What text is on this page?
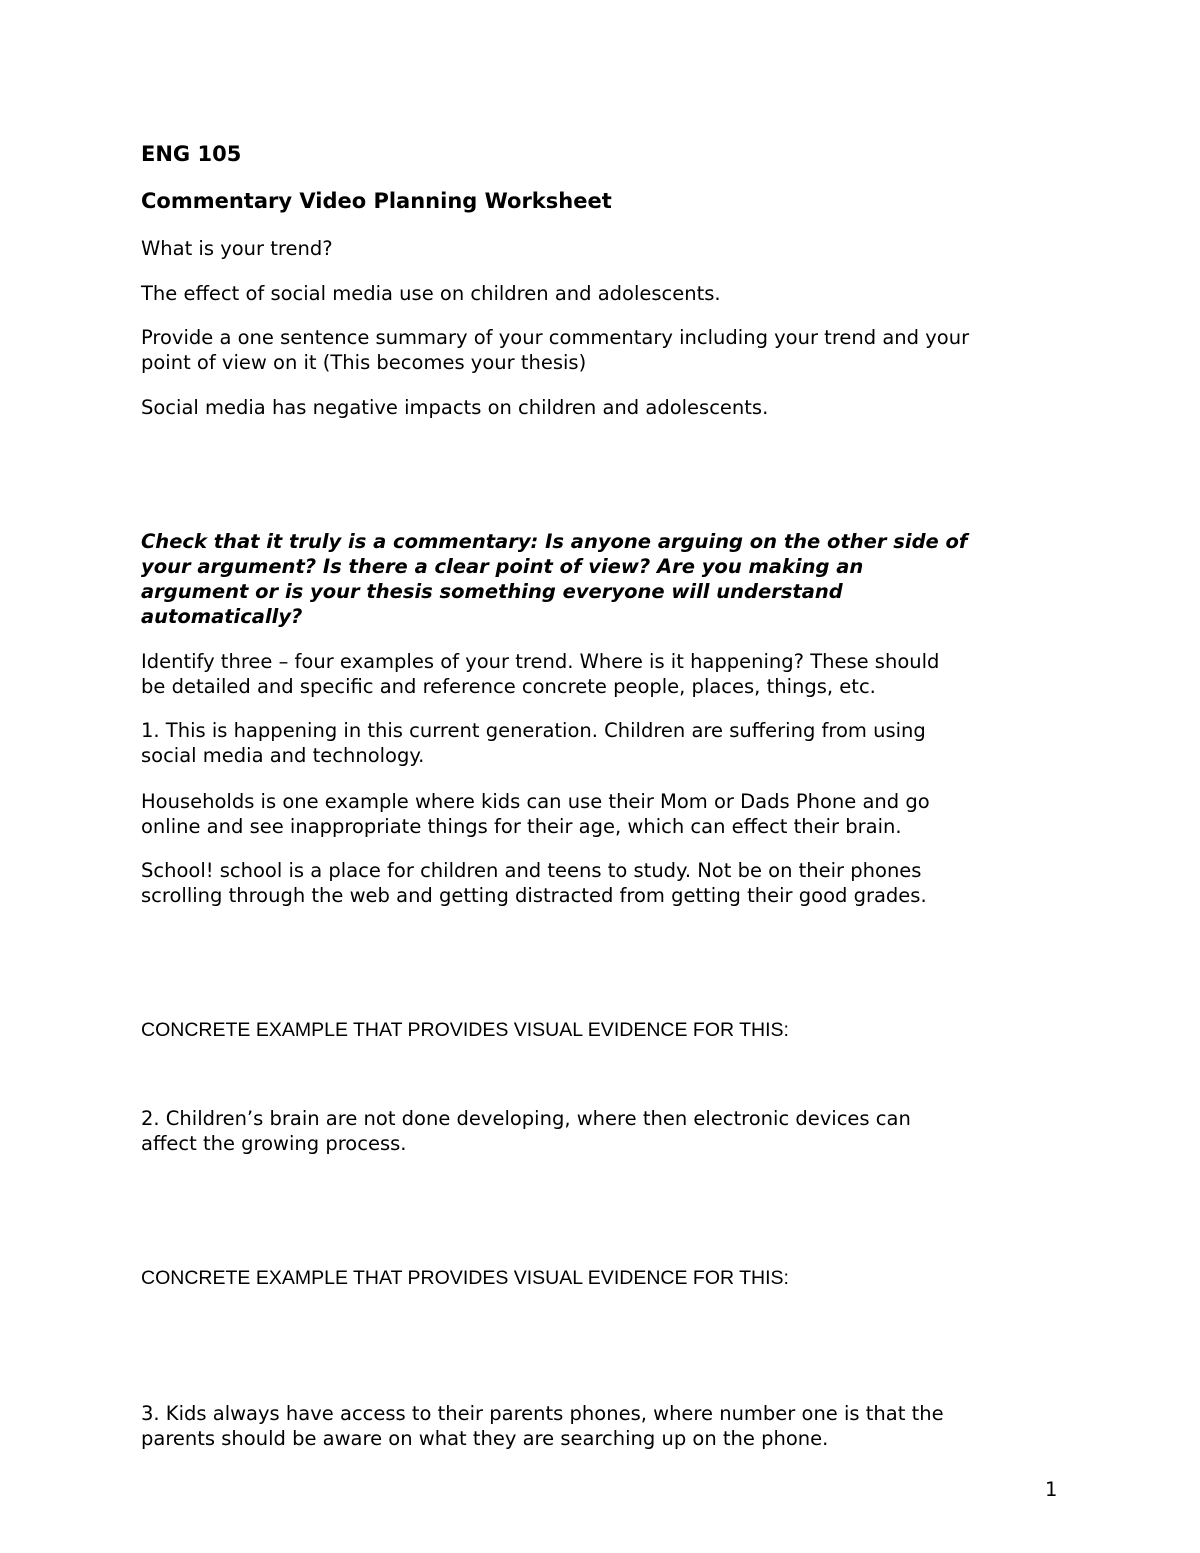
ENG 105
Commentary Video Planning Worksheet
What is your trend?
The effect of social media use on children and adolescents.
Provide a one sentence summary of your commentary including your trend and your
point of view on it (This becomes your thesis)
Social media has negative impacts on children and adolescents.
Check that it truly is a commentary: Is anyone arguing on the other side of
your argument? Is there a clear point of view? Are you making an
argument or is your thesis something everyone will understand
automatically?
Identify three – four examples of your trend. Where is it happening? These should
be detailed and specific and reference concrete people, places, things, etc.
1. This is happening in this current generation. Children are suffering from using
social media and technology.
Households is one example where kids can use their Mom or Dads Phone and go
online and see inappropriate things for their age, which can effect their brain.
School! school is a place for children and teens to study. Not be on their phones
scrolling through the web and getting distracted from getting their good grades.
CONCRETE EXAMPLE THAT PROVIDES VISUAL EVIDENCE FOR THIS:
2. Children’s brain are not done developing, where then electronic devices can
affect the growing process.
CONCRETE EXAMPLE THAT PROVIDES VISUAL EVIDENCE FOR THIS:
3. Kids always have access to their parents phones, where number one is that the
parents should be aware on what they are searching up on the phone.
1
